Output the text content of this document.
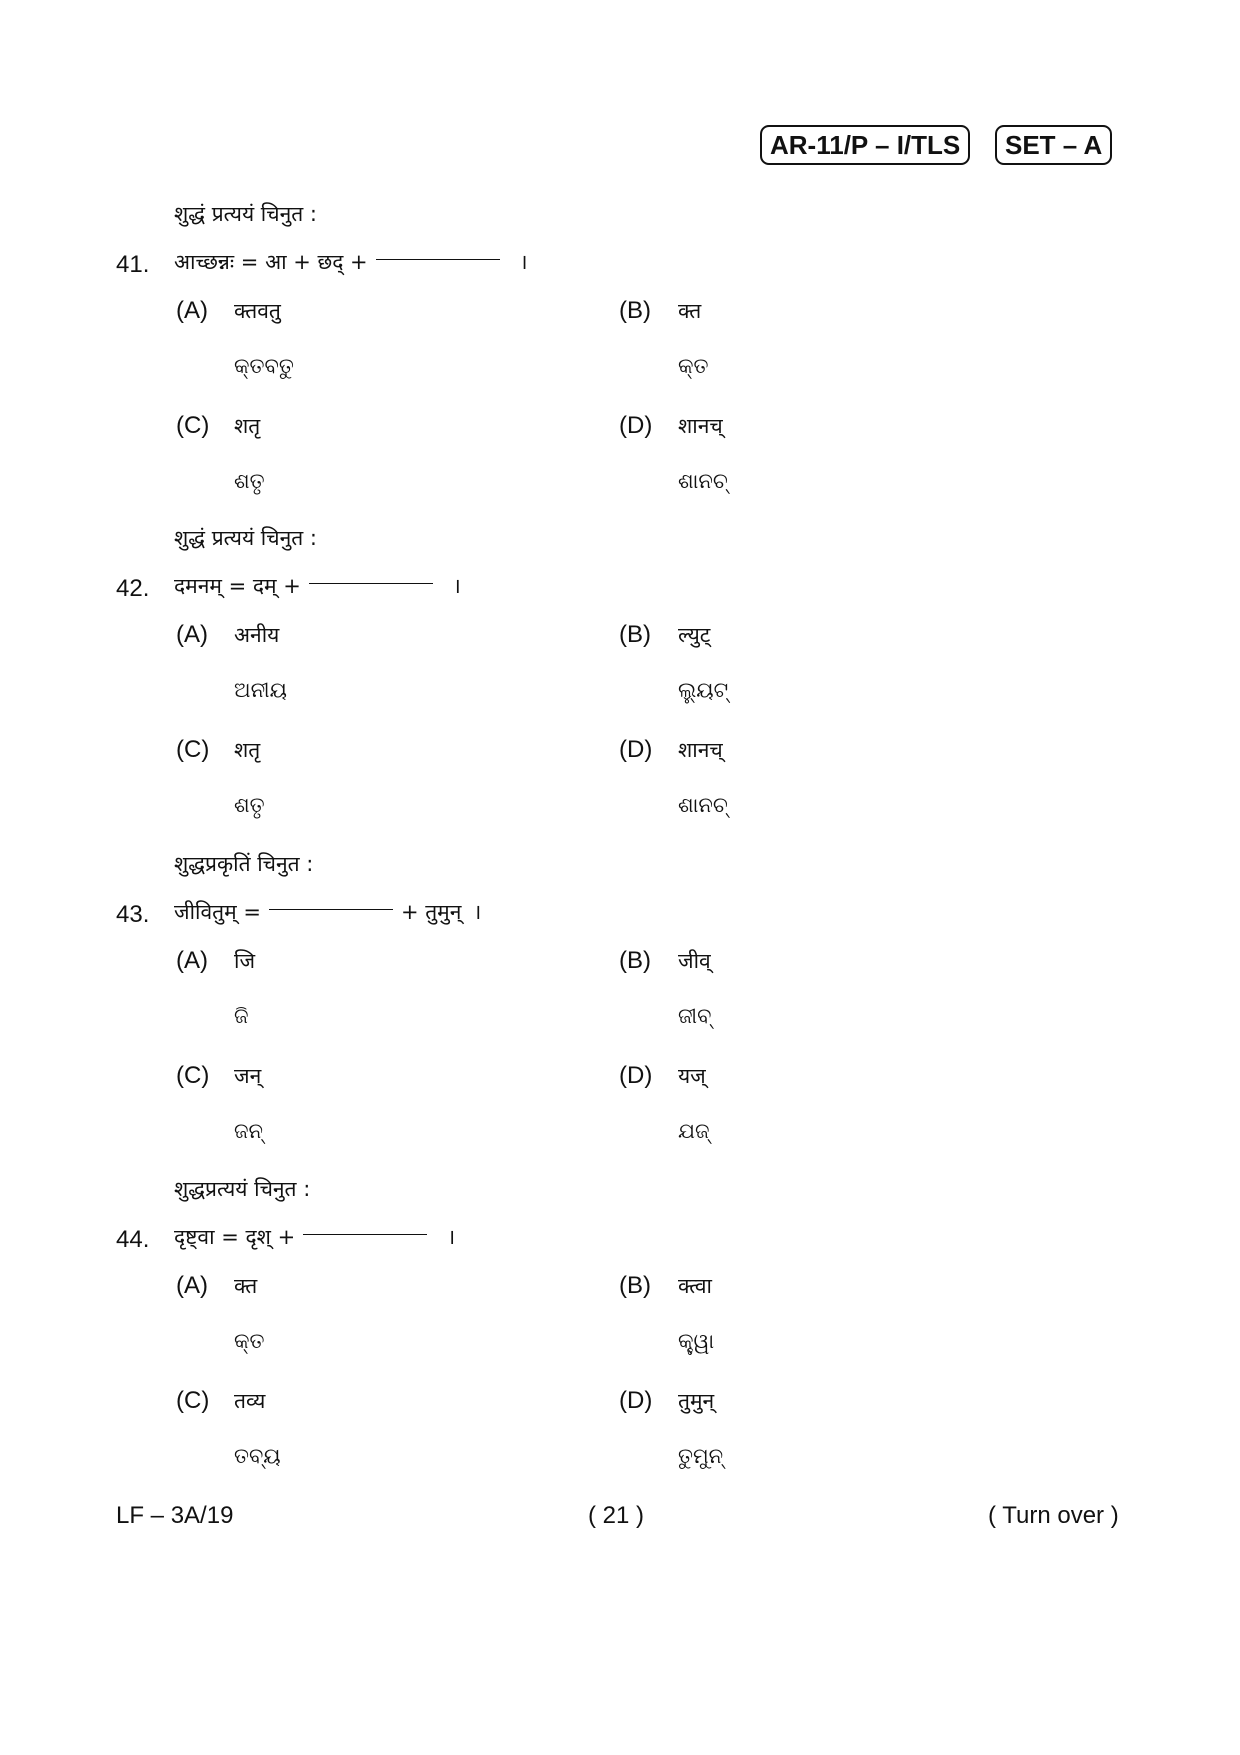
AR-11/P – I/TLS	SET – A
शुद्धं प्रत्ययं चिनुत :
41. आच्छन्नः = आ + छद् +	।
(A) क्तवतु
କ୍ତବତୁ
(B) क्त
କ୍ତ
(C) शतृ
ଶତୃ
(D) शानच्
ଶାନଚ୍
शुद्धं प्रत्ययं चिनुत :
42. दमनम् = दम् +	।
(A) अनीय
ଅନୀୟ
(B) ल्युट्
ଲ୍ୟୁଟ୍
(C) शतृ
ଶତୃ
(D) शानच्
ଶାନଚ୍
शुद्धप्रकृतिं चिनुत :
43. जीवितुम् =	+ तुमुन् ।
(A) जि
ଜି
(B) जीव्
ଜୀବ୍
(C) जन्
ଜନ୍
(D) यज्
ଯଜ୍
शुद्धप्रत्ययं चिनुत :
44. दृष्ट्वा = दृश् +	।
(A) क्त
କ୍ତ
(B) क्त्वा
କ୍ତ୍ୱା
(C) तव्य
ତବ୍ୟ
(D) तुमुन्
ତୁମୁନ୍
LF – 3A/19	( 21 )	( Turn over )
